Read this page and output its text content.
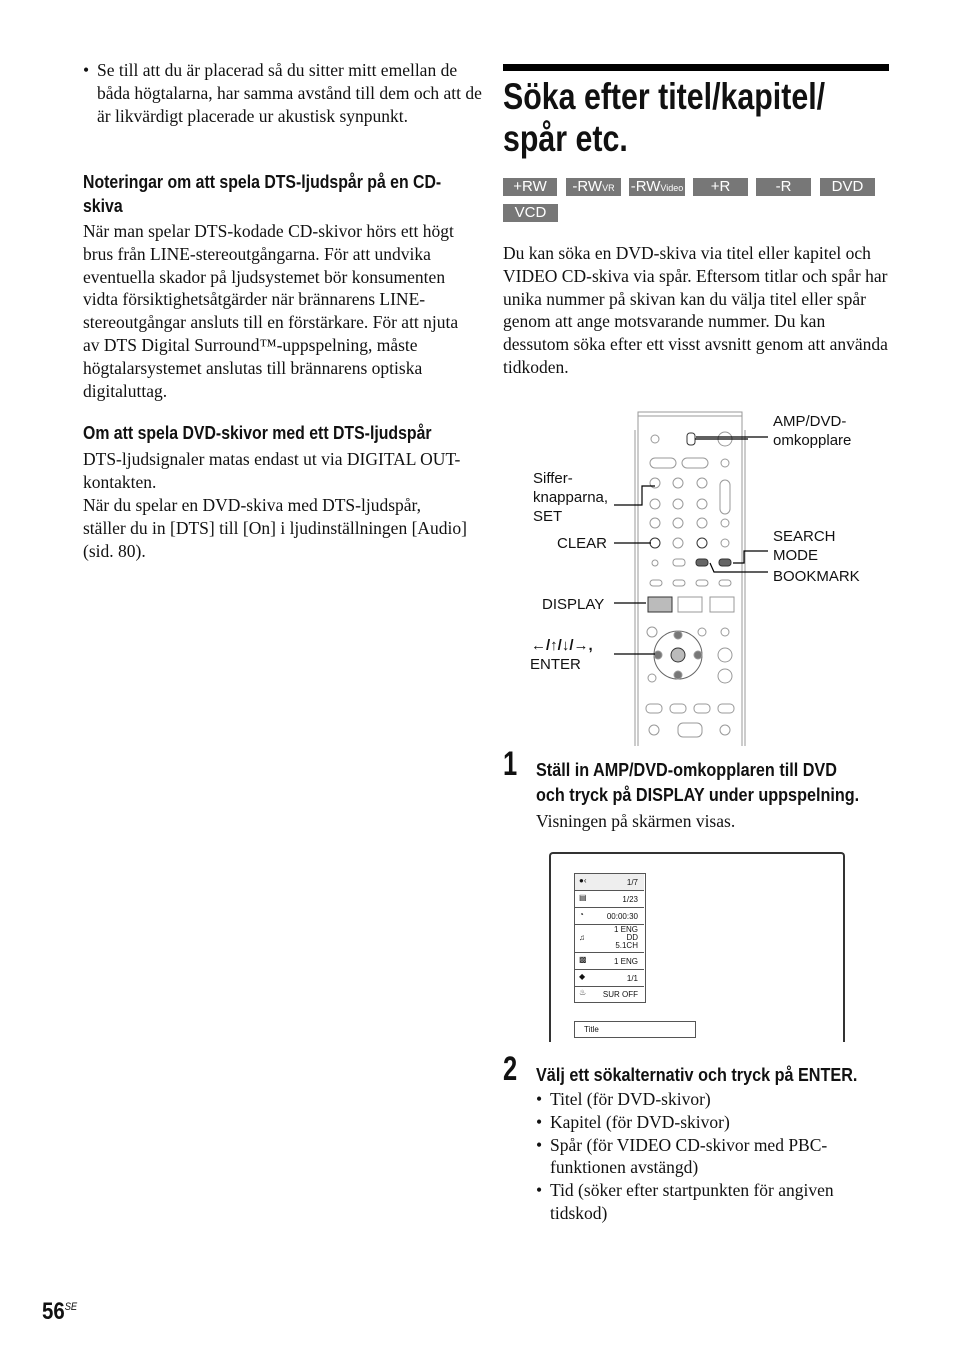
• Se till att du är placerad så du sitter mitt emellan de båda högtalarna, har samma avstånd till dem och att de är likvärdigt placerade ur akustisk synpunkt.
Noteringar om att spela DTS-ljudspår på en CD-skiva
När man spelar DTS-kodade CD-skivor hörs ett högt brus från LINE-stereoutgångarna. För att undvika eventuella skador på ljudsystemet bör konsumenten vidta försiktighetsåtgärder när brännarens LINE-stereoutgångar ansluts till en förstärkare. För att njuta av DTS Digital Surround™-uppspelning, måste högtalarsystemet anslutas till brännarens optiska digitaluttag.
Om att spela DVD-skivor med ett DTS-ljudspår
DTS-ljudsignaler matas endast ut via DIGITAL OUT-kontakten.
När du spelar en DVD-skiva med DTS-ljudspår, ställer du in [DTS] till [On] i ljudinställningen [Audio] (sid. 80).
Söka efter titel/kapitel/
spår etc.
+RW	-RWVR	-RWVideo	+R	-R	DVD
VCD
Du kan söka en DVD-skiva via titel eller kapitel och VIDEO CD-skiva via spår. Eftersom titlar och spår har unika nummer på skivan kan du välja titel eller spår genom att ange motsvarande nummer. Du kan dessutom söka efter ett visst avsnitt genom att använda tidkoden.
AMP/DVD-
omkopplare
Siffer-
knapparna,
SET
CLEAR	SEARCH
MODE
BOOKMARK
DISPLAY
←/↑/↓/→,
ENTER
1 Ställ in AMP/DVD-omkopplaren till DVD
och tryck på DISPLAY under uppspelning.
Visningen på skärmen visas.
●‹	1/7
▤	1/23
◔	00:00:30
♫
1 ENG
DD
5.1CH
▩	1 ENG
◆	1/1
♨ SUR OFF
Title
2 Välj ett sökalternativ och tryck på ENTER.
• Titel (för DVD-skivor)
• Kapitel (för DVD-skivor)
• Spår (för VIDEO CD-skivor med PBC-funktionen avstängd)
• Tid (söker efter startpunkten för angiven tidskod)
$56^{SE}$
